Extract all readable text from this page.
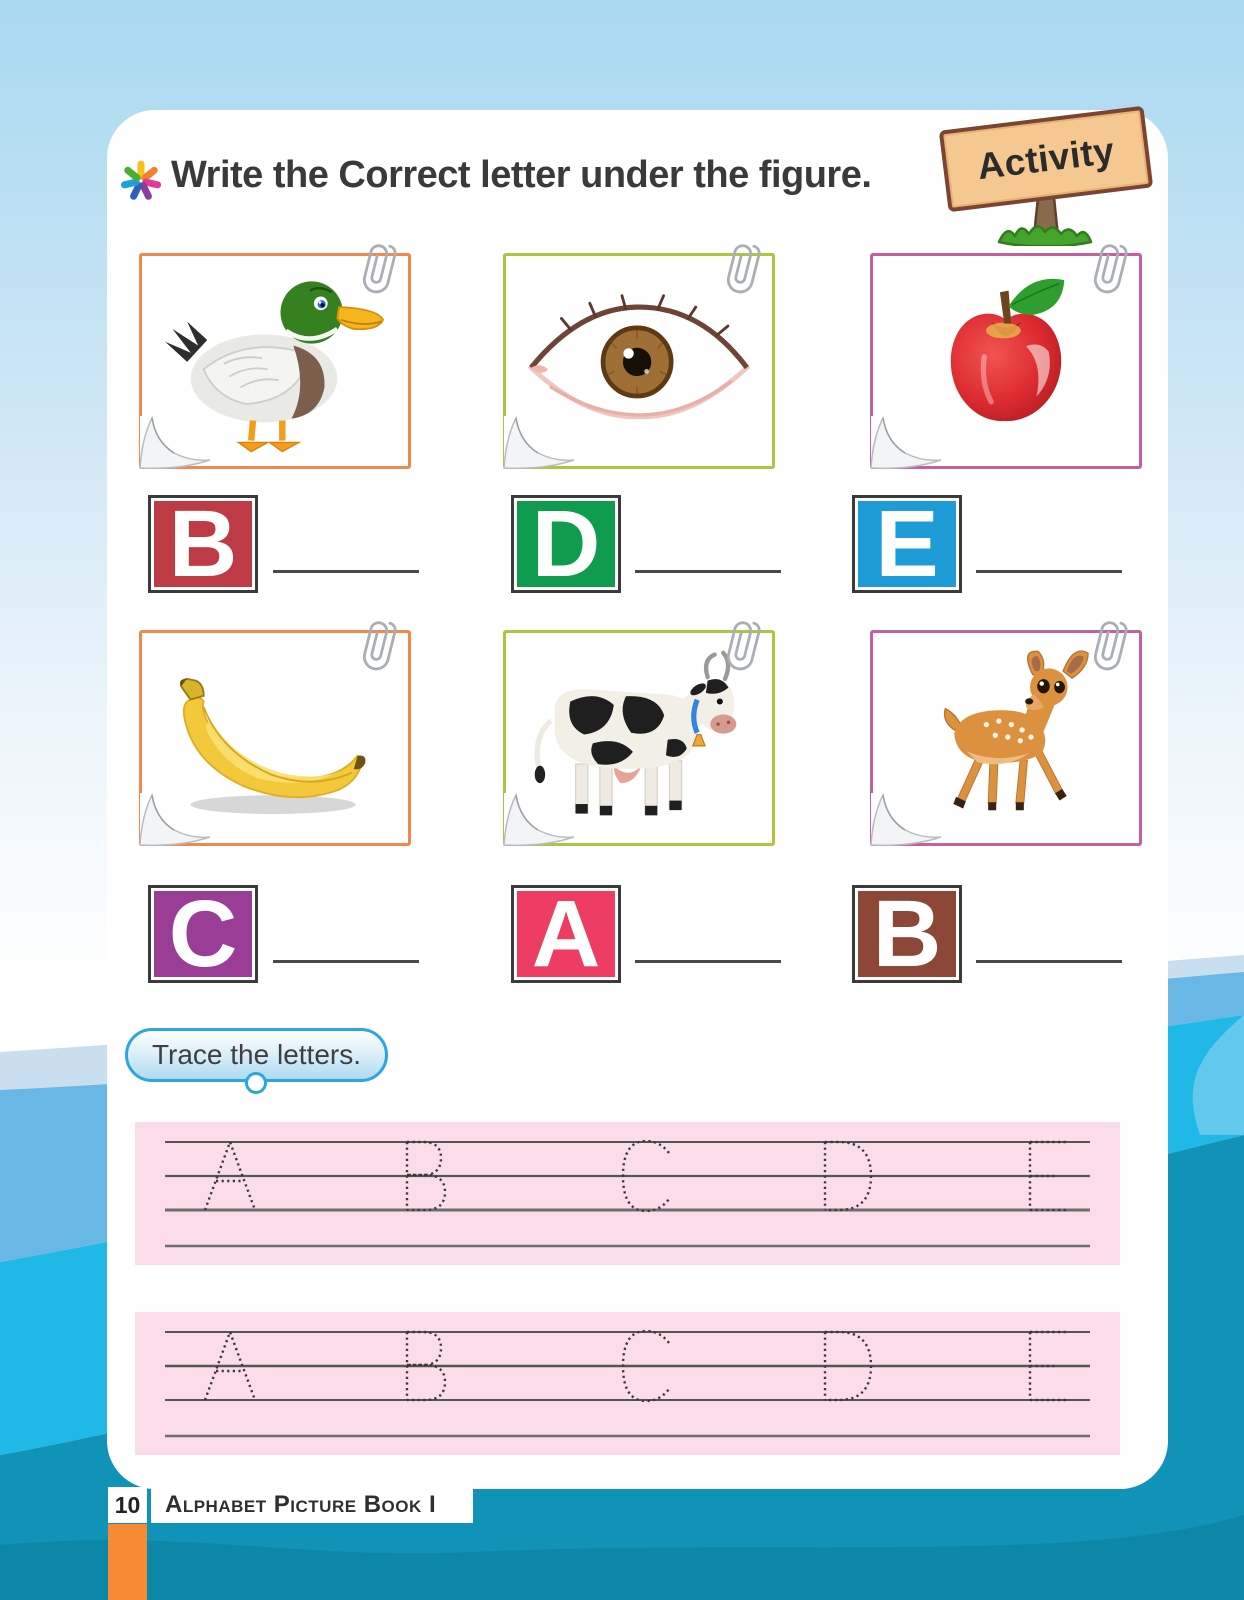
Write the Correct letter under the figure.	Activity
B	D	E
C	A	B
Trace the letters.
10 Alphabet Picture Book I
